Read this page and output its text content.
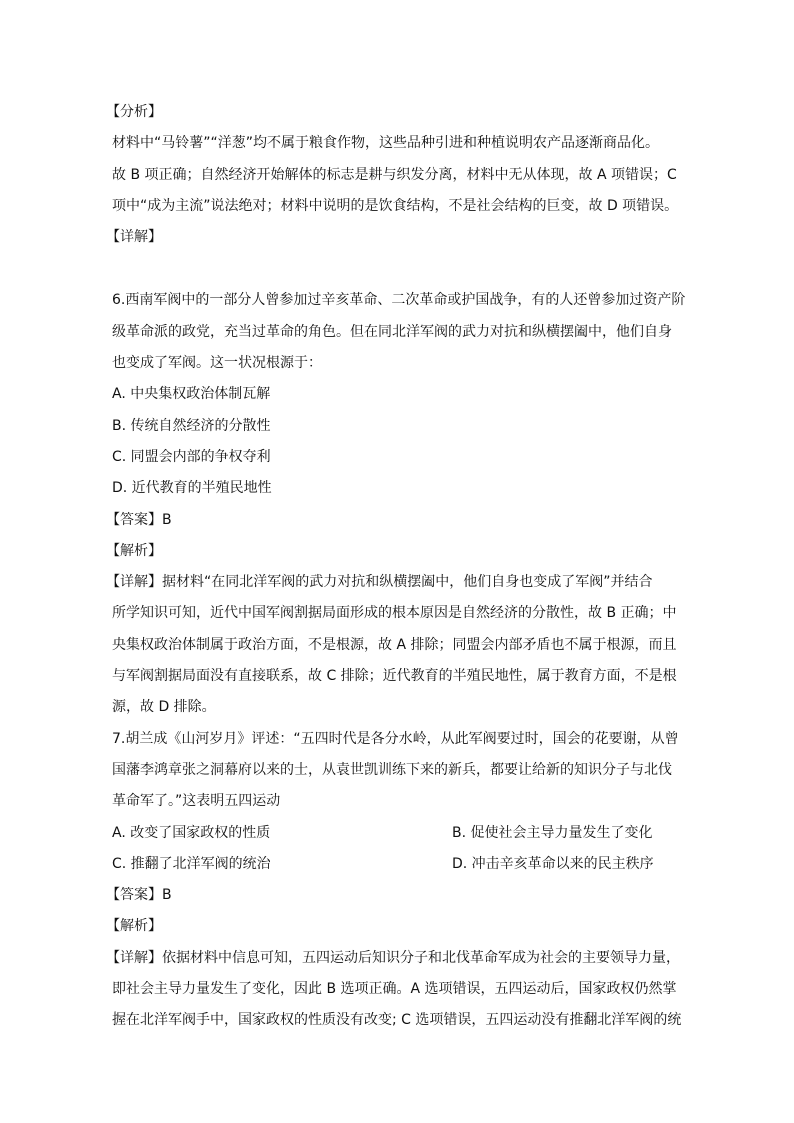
【分析】
材料中“马铃薯”“洋葱”均不属于粮食作物，这些品种引进和种植说明农产品逐渐商品化。
故 B 项正确；自然经济开始解体的标志是耕与织发分离，材料中无从体现，故 A 项错误；C
项中“成为主流”说法绝对；材料中说明的是饮食结构，不是社会结构的巨变，故 D 项错误。
【详解】
6.西南军阀中的一部分人曾参加过辛亥革命、二次革命或护国战争，有的人还曾参加过资产阶
级革命派的政党，充当过革命的角色。但在同北洋军阀的武力对抗和纵横摆阖中，他们自身
也变成了军阀。这一状况根源于：
A. 中央集权政治体制瓦解
B. 传统自然经济的分散性
C. 同盟会内部的争权夺利
D. 近代教育的半殖民地性
【答案】B
【解析】
【详解】据材料“在同北洋军阀的武力对抗和纵横摆阖中，他们自身也变成了军阀”并结合
所学知识可知，近代中国军阀割据局面形成的根本原因是自然经济的分散性，故 B 正确；中
央集权政治体制属于政治方面，不是根源，故 A 排除；同盟会内部矛盾也不属于根源，而且
与军阀割据局面没有直接联系，故 C 排除；近代教育的半殖民地性，属于教育方面，不是根
源，故 D 排除。
7.胡兰成《山河岁月》评述：“五四时代是各分水岭，从此军阀要过时，国会的花要谢，从曾
国藩李鸿章张之洞幕府以来的士，从袁世凯训练下来的新兵，都要让给新的知识分子与北伐
革命军了。”这表明五四运动
A. 改变了国家政权的性质	B. 促使社会主导力量发生了变化
C. 推翻了北洋军阀的统治	D. 冲击辛亥革命以来的民主秩序
【答案】B
【解析】
【详解】依据材料中信息可知，五四运动后知识分子和北伐革命军成为社会的主要领导力量，
即社会主导力量发生了变化，因此 B 选项正确。A 选项错误，五四运动后，国家政权仍然掌
握在北洋军阀手中，国家政权的性质没有改变; C 选项错误，五四运动没有推翻北洋军阀的统
